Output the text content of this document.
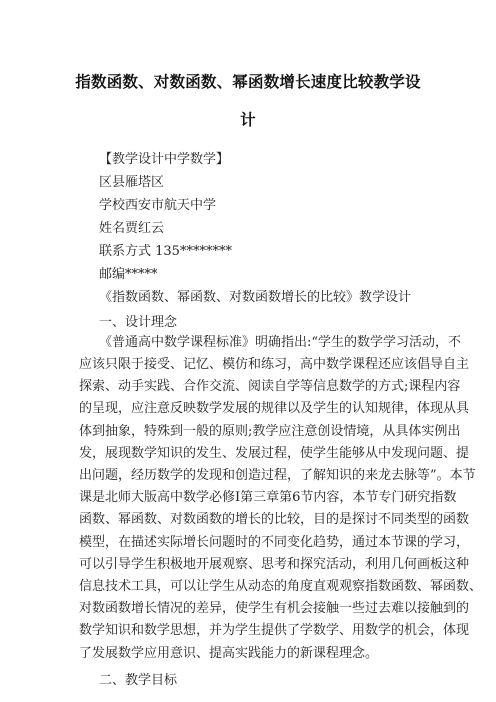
指数函数、对数函数、幂函数增长速度比较教学设
计
【教学设计中学数学】
区县雁塔区
学校西安市航天中学
姓名贾红云
联系方式 135********
邮编*****
《指数函数、幂函数、对数函数增长的比较》教学设计
一、设计理念
《普通高中数学课程标准》明确指出:“学生的数学学习活动，不
应该只限于接受、记忆、模仿和练习，高中数学课程还应该倡导自主
探索、动手实践、合作交流、阅读自学等信息数学的方式;课程内容
的呈现，应注意反映数学发展的规律以及学生的认知规律，体现从具
体到抽象，特殊到一般的原则;教学应注意创设情境，从具体实例出
发，展现数学知识的发生、发展过程，使学生能够从中发现问题、提
出问题，经历数学的发现和创造过程，了解知识的来龙去脉等”。本节
课是北师大版高中数学必修Ⅰ第三章第6节内容，本节专门研究指数
函数、幂函数、对数函数的增长的比较，目的是探讨不同类型的函数
模型，在描述实际增长问题时的不同变化趋势，通过本节课的学习，
可以引导学生积极地开展观察、思考和探究活动，利用几何画板这种
信息技术工具，可以让学生从动态的角度直观观察指数函数、幂函数、
对数函数增长情况的差异，使学生有机会接触一些过去难以接触到的
数学知识和数学思想，并为学生提供了学数学、用数学的机会，体现
了发展数学应用意识、提高实践能力的新课程理念。
二、教学目标
